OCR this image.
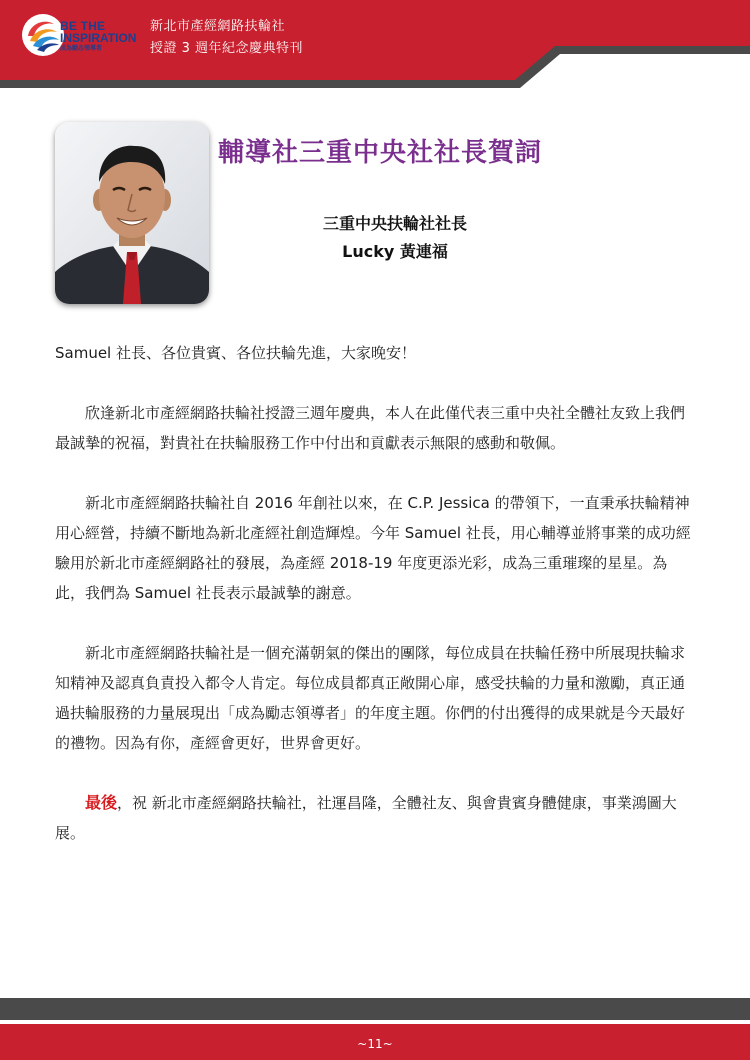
BE THE
INSPIRATION
成為勵志領導者
新北市產經網路扶輪社
授證 3 週年紀念慶典特刊
輔導社三重中央社社長賀詞
三重中央扶輪社社長
Lucky 黃連福

Samuel 社長、各位貴賓、各位扶輪先進，大家晚安！

欣逢新北市產經網路扶輪社授證三週年慶典，本人在此僅代表三重中央社全體社友致上我們最誠摯的祝福，對貴社在扶輪服務工作中付出和貢獻表示無限的感動和敬佩。

新北市產經網路扶輪社自 2016 年創社以來，在 C.P. Jessica 的帶領下，一直秉承扶輪精神用心經營，持續不斷地為新北產經社創造輝煌。今年 Samuel 社長，用心輔導並將事業的成功經驗用於新北市產經網路社的發展，為產經 2018-19 年度更添光彩，成為三重璀璨的星星。為此，我們為 Samuel 社長表示最誠摯的謝意。

新北市產經網路扶輪社是一個充滿朝氣的傑出的團隊，每位成員在扶輪任務中所展現扶輪求知精神及認真負責投入都令人肯定。每位成員都真正敞開心扉，感受扶輪的力量和激勵，真正通過扶輪服務的力量展現出「成為勵志領導者」的年度主題。你們的付出獲得的成果就是今天最好的禮物。因為有你，產經會更好，世界會更好。

最後，祝 新北市產經網路扶輪社，社運昌隆，全體社友、與會貴賓身體健康，事業鴻圖大展。

~11~
